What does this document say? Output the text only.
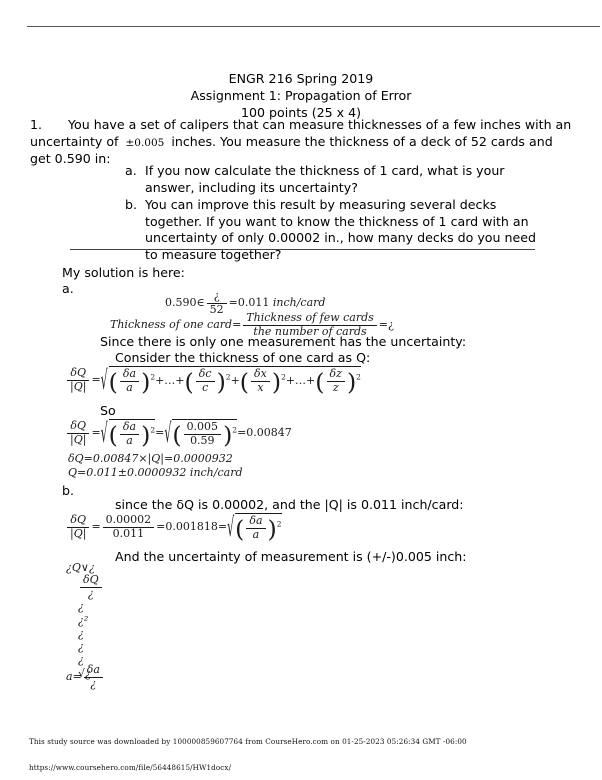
ENGR 216 Spring 2019
Assignment 1: Propagation of Error
100 points (25 x 4)
1. You have a set of calipers that can measure thicknesses of a few inches with an uncertainty of ±0.005 inches. You measure the thickness of a deck of 52 cards and get 0.590 in:
a. If you now calculate the thickness of 1 card, what is your answer, including its uncertainty?
b. You can improve this result by measuring several decks together. If you want to know the thickness of 1 card with an uncertainty of only 0.00002 in., how many decks do you need to measure together?
My solution is here:
a.
b.
0.590∈ $\frac{¿}{52} =0.011$ inch/card
Thickness of one card= $\frac{\text{Thickness of few cards}}{\text{the number of cards}}$ =¿
Since there is only one measurement has the uncertainty:
Consider the thickness of one card as Q:
$\frac{\delta Q}{|Q|}$ =√( $\frac{\delta a}{a}$ )$^2$+…+( $\frac{\delta c}{c} )^2+( \frac{\delta x}{x}$ )$^2+\dots+( \frac{\delta z}{z} )^2$
So
$\frac{\delta Q}{|Q|}$ =√( $\frac{\delta a}{a} )^2=√( \frac{0.005}{0.59} )^2=0.00847$
δQ=0.00847×|Q|=0.0000932
Q=0.011±0.0000932 inch/card
since the δQ is 0.00002, and the |Q| is 0.011 inch/card:
$\frac{\delta Q}{|Q|} = \frac{0.00002}{0.011} =0.001818=√( \frac{\delta a}{a} )^2$
And the uncertainty of measurement is (+/-)0.005 inch:
¿Q∨¿
$\frac{\delta Q}{¿}$
¿
¿²
¿
¿
¿
√¿
$a= \frac{\delta a}{¿}$
This study source was downloaded by 100000859607764 from CourseHero.com on 01-25-2023 05:26:34 GMT -06:00
https://www.coursehero.com/file/56448615/HW1docx/
